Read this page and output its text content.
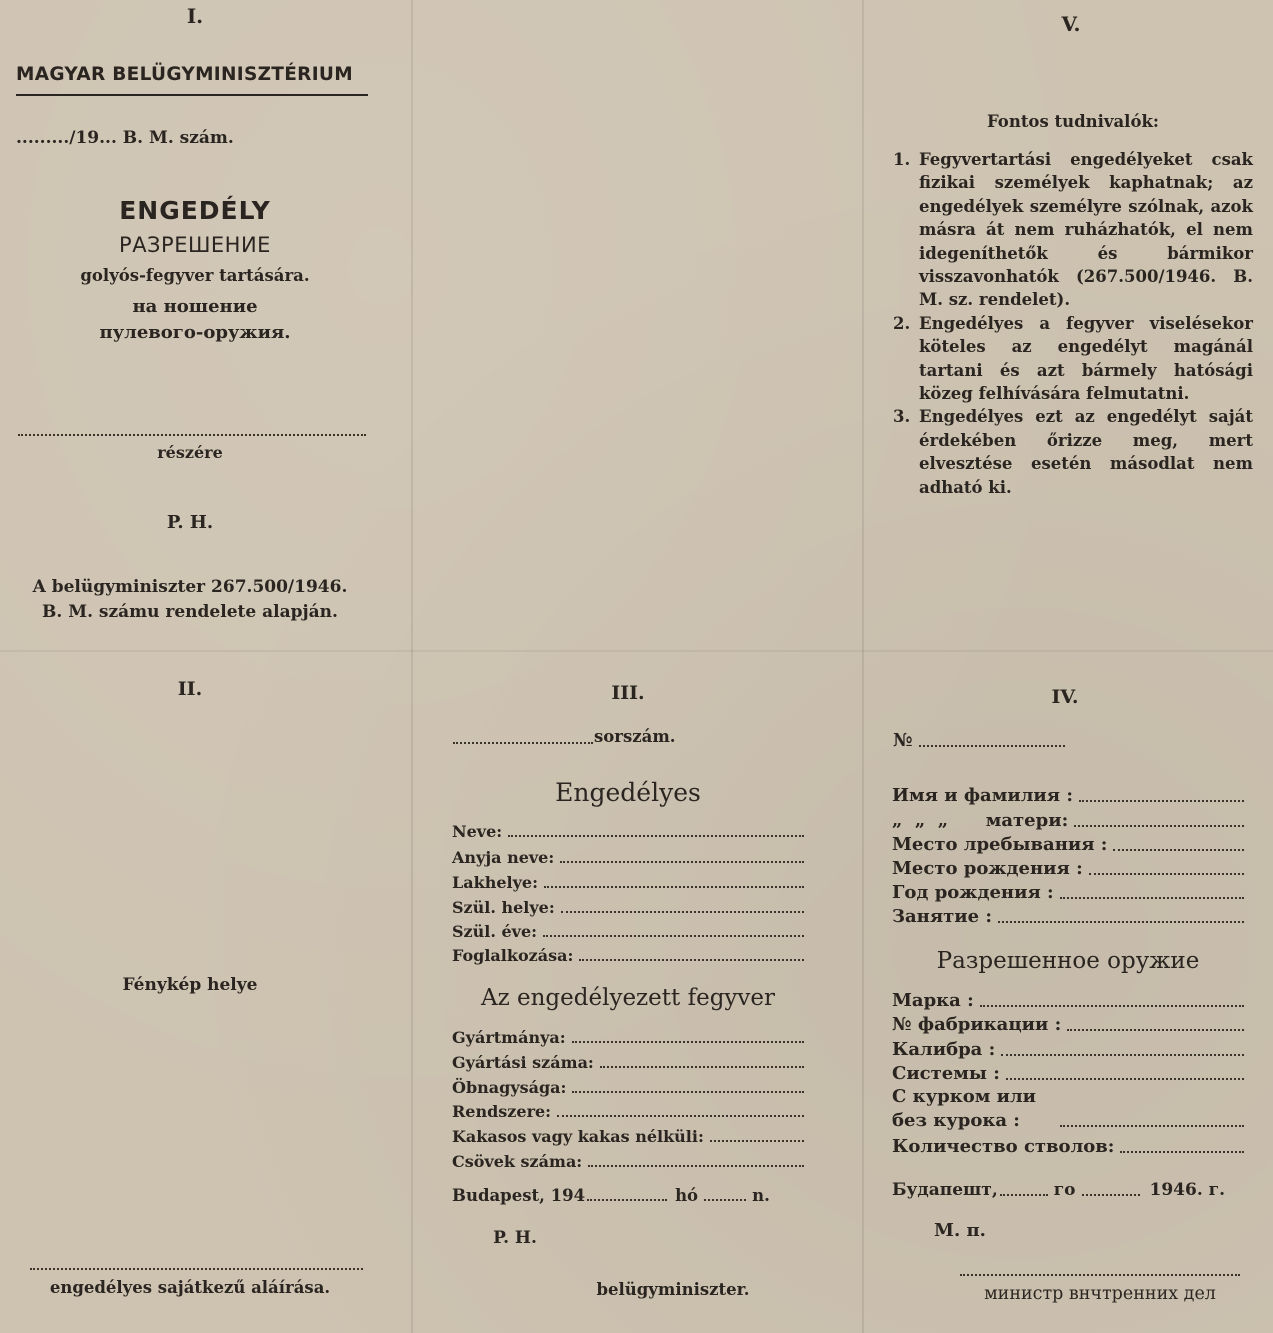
I.
MAGYAR BELÜGYMINISZTÉRIUM
........./19... B. M. szám.
ENGEDÉLY
РАЗРЕШЕНИЕ
golyós-fegyver tartására.
на ношение
пулевого-оружия.
részére
P. H.
A belügyminiszter 267.500/1946.
B. M. számu rendelete alapján.
II.
Fénykép helye
engedélyes sajátkezű aláírása.
III.
sorszám.
Engedélyes
Neve:
Anyja neve:
Lakhelye:
Szül. helye:
Szül. éve:
Foglalkozása:
Az engedélyezett fegyver
Gyártmánya:
Gyártási száma:
Öbnagysága:
Rendszere:
Kakasos vagy kakas nélküli:
Csövek száma:
Budapest, 194	hó	n.
P. H.
belügyminiszter.
IV.
№
Имя и фамилия :
„  „  „      матери:
Место лребывания :
Место рождения :
Год рождения :
Занятие :
Разрешенное оружие
Марка :
№ фабрикации :
Калибра :
Системы :
С курком или
без курока :
Количество стволов:
Будапешт,	го	1946. г.
М. п.
министр внчтренних дел
V.
Fontos tudnivalók:
1. Fegyvertartási engedélyeket csak fizikai személyek kaphatnak; az engedélyek személyre szólnak, azok másra át nem ruházhatók, el nem idegeníthetők és bármikor visszavonhatók (267.500/1946. B. M. sz. rendelet).
2. Engedélyes a fegyver viselésekor köteles az engedélyt magánál tartani és azt bármely hatósági közeg felhívására felmutatni.
3. Engedélyes ezt az engedélyt saját érdekében őrizze meg, mert elvesztése esetén másodlat nem adható ki.
